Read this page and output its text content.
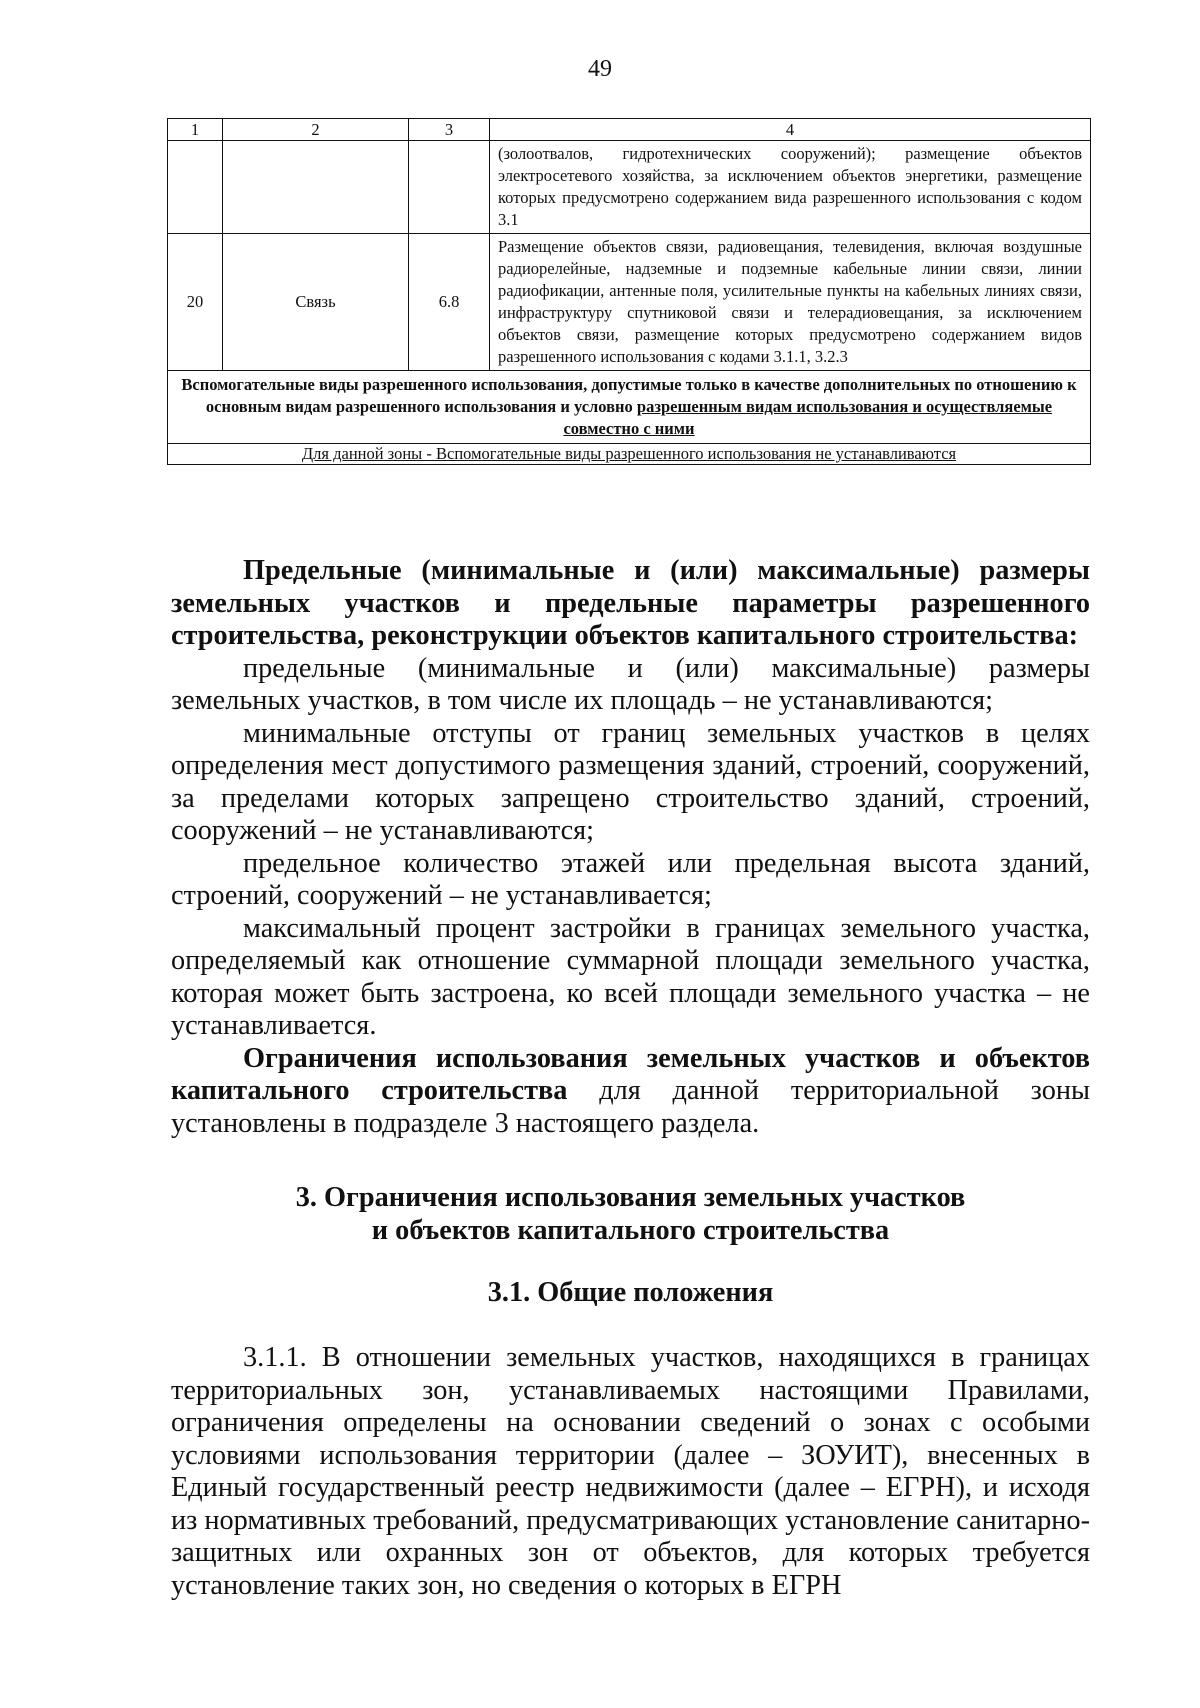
49
1	2	3	4
			(золоотвалов, гидротехнических сооружений); размещение объектов электросетевого хозяйства, за исключением объектов энергетики, размещение которых предусмотрено содержанием вида разрешенного использования с кодом 3.1
20	Связь	6.8	Размещение объектов связи, радиовещания, телевидения, включая воздушные радиорелейные, надземные и подземные кабельные линии связи, линии радиофикации, антенные поля, усилительные пункты на кабельных линиях связи, инфраструктуру спутниковой связи и телерадиовещания, за исключением объектов связи, размещение которых предусмотрено содержанием видов разрешенного использования с кодами 3.1.1, 3.2.3
Вспомогательные виды разрешенного использования, допустимые только в качестве дополнительных по отношению к основным видам разрешенного использования и условно разрешенным видам использования и осуществляемые совместно с ними			
Для данной зоны - Вспомогательные виды разрешенного использования не устанавливаются			

Предельные (минимальные и (или) максимальные) размеры земельных участков и предельные параметры разрешенного строительства, реконструкции объектов капитального строительства:

предельные (минимальные и (или) максимальные) размеры земельных участков, в том числе их площадь – не устанавливаются;

минимальные отступы от границ земельных участков в целях определения мест допустимого размещения зданий, строений, сооружений, за пределами которых запрещено строительство зданий, строений, сооружений – не устанавливаются;

предельное количество этажей или предельная высота зданий, строений, сооружений – не устанавливается;

максимальный процент застройки в границах земельного участка, определяемый как отношение суммарной площади земельного участка, которая может быть застроена, ко всей площади земельного участка – не устанавливается.

Ограничения использования земельных участков и объектов капитального строительства для данной территориальной зоны установлены в подразделе 3 настоящего раздела.

3. Ограничения использования земельных участков

и объектов капитального строительства

3.1. Общие положения

3.1.1. В отношении земельных участков, находящихся в границах территориальных зон, устанавливаемых настоящими Правилами, ограничения определены на основании сведений о зонах с особыми условиями использования территории (далее – ЗОУИТ), внесенных в Единый государственный реестр недвижимости (далее – ЕГРН), и исходя из нормативных требований, предусматривающих установление санитарно-защитных или охранных зон от объектов, для которых требуется установление таких зон, но сведения о которых в ЕГРН
